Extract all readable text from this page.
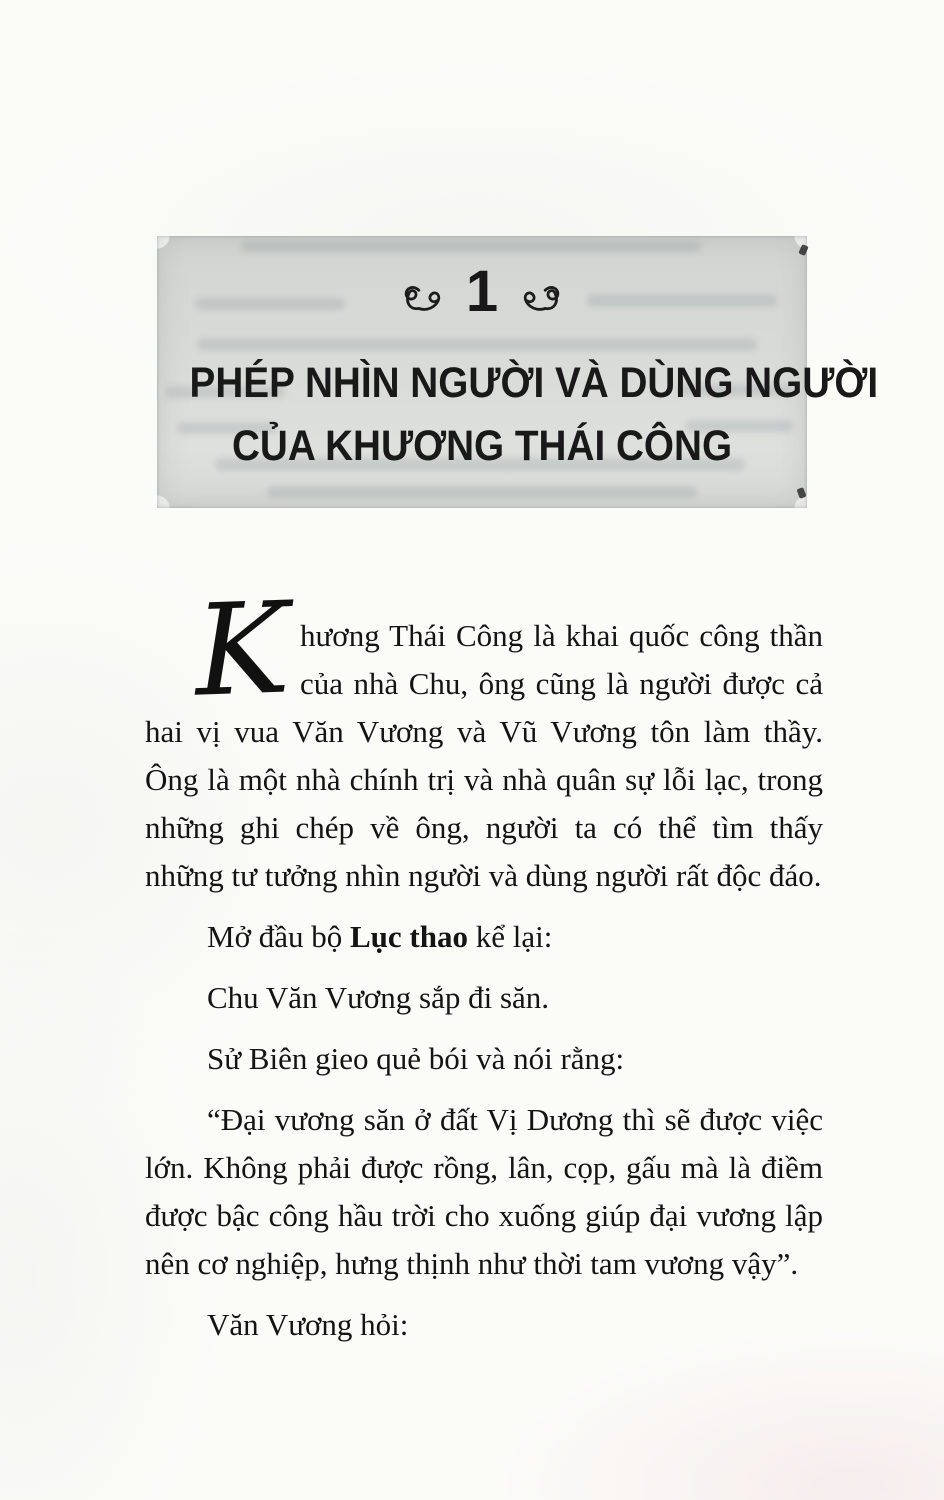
1
PHÉP NHÌN NGƯỜI VÀ DÙNG NGƯỜI
CỦA KHƯƠNG THÁI CÔNG

K hương Thái Công là khai quốc công thần của nhà Chu, ông cũng là người được cả hai vị vua Văn Vương và Vũ Vương tôn làm thầy. Ông là một nhà chính trị và nhà quân sự lỗi lạc, trong những ghi chép về ông, người ta có thể tìm thấy những tư tưởng nhìn người và dùng người rất độc đáo.

Mở đầu bộ Lục thao kể lại:

Chu Văn Vương sắp đi săn.

Sử Biên gieo quẻ bói và nói rằng:

“Đại vương săn ở đất Vị Dương thì sẽ được việc lớn. Không phải được rồng, lân, cọp, gấu mà là điềm được bậc công hầu trời cho xuống giúp đại vương lập nên cơ nghiệp, hưng thịnh như thời tam vương vậy”.

Văn Vương hỏi:
